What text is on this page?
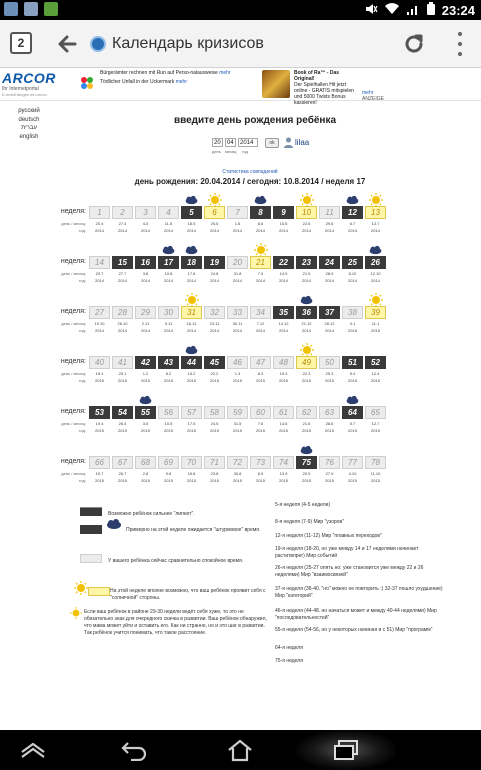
23:24
2	Календарь кризисов
ARCOR
Ihr Internetportal
E-mobil-iturgen ein-vrevo
Bürgerämter rechnen mit Run auf Perso-nalausweise mehr
Tödlicher Unfall in der Uckermark mehr
Book of Ra™ - Das Original!
Der Spielhallen Hit jetzt online - GRATIS mitspielen und 5000 Twists Bonus kassieren!
mehr ANZEIGE
русский
deutsch
עברית
english
введите день рождения ребёнка
20	04	2014
день месяц год
ok	lilaa
Статистика совпадений
день рождения: 20.04.2014 / сегодня: 10.8.2014 / неделя 17
неделя:
день / месяц:
год:
1	2	3	4	5	6	7	8	9	10	11	12	13
20.4	27.4	4.5	11.5	18.5	25.5	1.6	8.6	15.6	22.6	29.6	6.7	13.7
2014	2014	2014	2014	2014	2014	2014	2014	2014	2014	2014	2014	2014
неделя:
день / месяц:
год:
14	15	16	17	18	19	20	21	22	23	24	25	26
20.7	27.7	3.8	10.8	17.8	24.8	31.8	7.9	14.9	21.9	28.9	5.10	12.10
2014	2014	2014	2014	2014	2014	2014	2014	2014	2014	2014	2014	2014
неделя:
день / месяц:
год:
27	28	29	30	31	32	33	34	35	36	37	38	39
19.10	26.10	2.11	9.11	16.11	23.11	30.11	7.12	14.12	21.12	28.12	4.1	11.1
2014	2014	2014	2014	2014	2014	2014	2014	2014	2014	2014	2015	2015
неделя:
день / месяц:
год:
40	41	42	43	44	45	46	47	48	49	50	51	52
18.1	25.1	1.2	8.2	15.2	22.2	1.3	8.3	15.3	22.3	29.3	5.4	12.4
2015	2015	2015	2015	2015	2015	2015	2015	2015	2015	2015	2015	2015
неделя:
день / месяц:
год:
53	54	55	56	57	58	59	60	61	62	63	64	65
19.4	26.4	3.5	10.5	17.5	24.5	31.5	7.6	14.6	21.6	28.6	5.7	12.7
2015	2015	2015	2015	2015	2015	2015	2015	2015	2015	2015	2015	2015
неделя:
день / месяц:
год:
66	67	68	69	70	71	72	73	74	75	76	77	78
19.7	26.7	2.8	9.8	16.8	23.8	30.8	6.9	13.9	20.9	27.9	4.10	11.10
2015	2015	2015	2015	2015	2015	2015	2015	2015	2015	2015	2015	2015
Возможно ребёнок сильнее "липнет".
Примерно на этой неделе ожидается "штурмовое" время.
У вашего ребёнка сейчас сравнительно спокойное время.
На этой неделе вполне возможно, что ваш ребёнок проявит себя с "солнечной" стороны.
Если ваш ребёнок в районе 29-30 недели ведёт себя хуже, то это не обязательно знак для очередного скачка в развитии. Ваш ребёнок обнаружил, что мама может уйти и оставить его. Как ни странно, но и это шаг в развитии. Так ребёнок учится понимать, что такое расстояние.
5-я неделя (4-5 недели)
8-я неделя (7-9) Мир "узоров"
12-я неделя (11-12) Мир "плавных переходов"
19-я неделя (18-20, но уже между 14 и 17 неделями начинает раститвпрег) Мир событий
26-я неделя (25-27 опять но: уже становится уже между 22 и 26 неделями) Мир "взаимосвязей"
37-я неделя (36-40. "но" можно не повторить :) 32-37 пошло ухудшение) Мир "категорий"
46-я неделя (44-48. но начаться может и между 40-44 неделями) Мир "последовательностей"
55-я неделя (54-56, но у некоторых начиная и с 51) Мир "программ"
64-я неделя
75-я неделя
